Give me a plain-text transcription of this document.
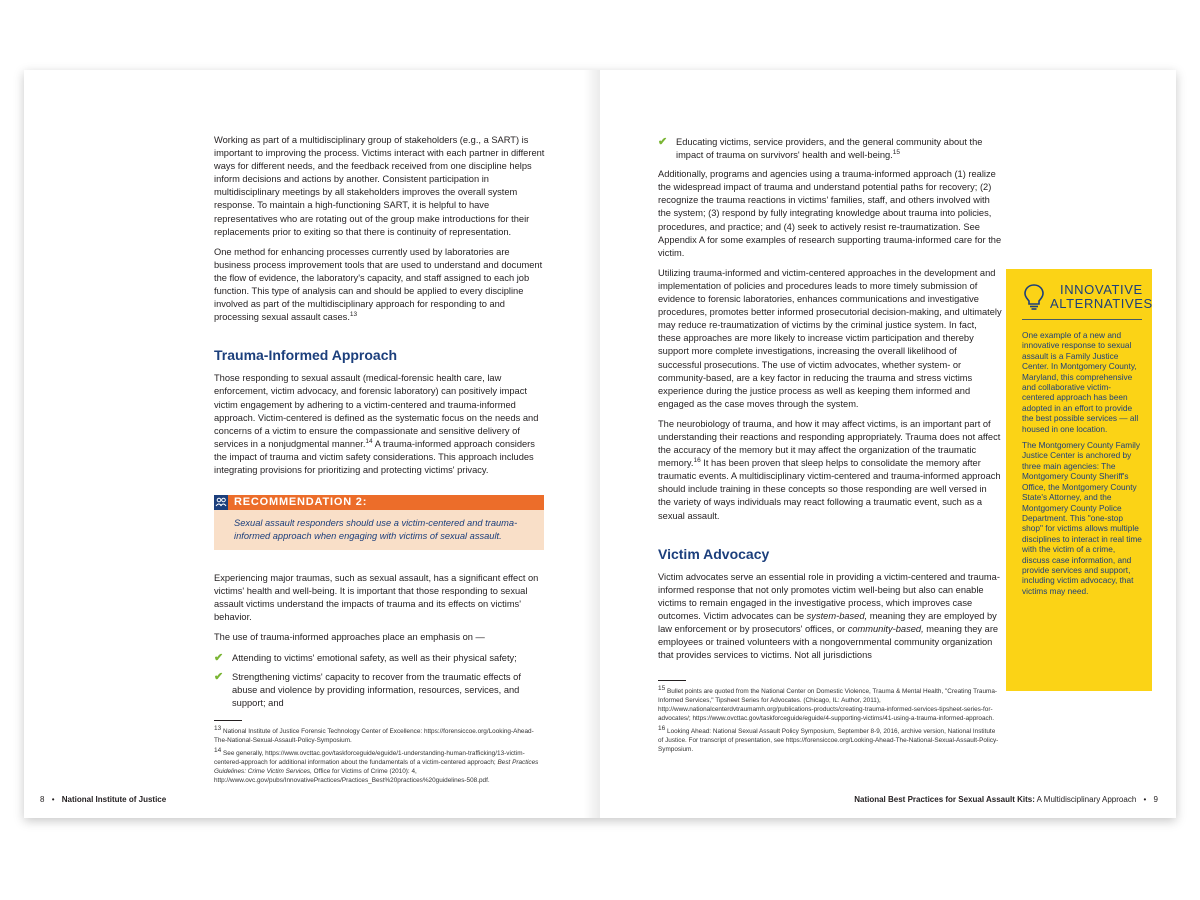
Working as part of a multidisciplinary group of stakeholders (e.g., a SART) is important to improving the process. Victims interact with each partner in different ways for different needs, and the feedback received from one discipline helps inform decisions and actions by another. Consistent participation in multidisciplinary meetings by all stakeholders improves the overall system response. To maintain a high-functioning SART, it is helpful to have representatives who are rotating out of the group make introductions for their replacements prior to exiting so that there is continuity of representation.

One method for enhancing processes currently used by laboratories are business process improvement tools that are used to understand and document the flow of evidence, the laboratory's capacity, and staff assigned to each job function. This type of analysis can and should be applied to every discipline involved as part of the multidisciplinary approach for responding to and processing sexual assault cases.$^{13}$

Trauma-Informed Approach

Those responding to sexual assault (medical-forensic health care, law enforcement, victim advocacy, and forensic laboratory) can positively impact victim engagement by adhering to a victim-centered and trauma-informed approach. Victim-centered is defined as the systematic focus on the needs and concerns of a victim to ensure the compassionate and sensitive delivery of services in a nonjudgmental manner.$^{14}$ A trauma-informed approach considers the impact of trauma and victim safety considerations. This approach includes integrating provisions for prioritizing and protecting victims' privacy.

RECOMMENDATION 2:

Sexual assault responders should use a victim-centered and trauma-informed approach when engaging with victims of sexual assault.

Experiencing major traumas, such as sexual assault, has a significant effect on victims' health and well-being. It is important that those responding to sexual assault victims understand the impacts of trauma and its effects on victims' behavior.

The use of trauma-informed approaches place an emphasis on —

✔ Attending to victims' emotional safety, as well as their physical safety;
✔ Strengthening victims' capacity to recover from the traumatic effects of abuse and violence by providing information, resources, services, and support; and

13 National Institute of Justice Forensic Technology Center of Excellence: https://forensiccoe.org/Looking-Ahead-The-National-Sexual-Assault-Policy-Symposium.

14 See generally, https://www.ovcttac.gov/taskforceguide/eguide/1-understanding-human-trafficking/13-victim-centered-approach for additional information about the fundamentals of a victim-centered approach; Best Practices Guidelines: Crime Victim Services, Office for Victims of Crime (2010): 4, http://www.ovc.gov/pubs/InnovativePractices/Practices_Best%20practices%20guidelines-508.pdf.

8 • National Institute of Justice
✔ Educating victims, service providers, and the general community about the impact of trauma on survivors' health and well-being.$^{15}$

Additionally, programs and agencies using a trauma-informed approach (1) realize the widespread impact of trauma and understand potential paths for recovery; (2) recognize the trauma reactions in victims' families, staff, and others involved with the system; (3) respond by fully integrating knowledge about trauma into policies, procedures, and practice; and (4) seek to actively resist re-traumatization. See Appendix A for some examples of research supporting trauma-informed care for the victim.

Utilizing trauma-informed and victim-centered approaches in the development and implementation of policies and procedures leads to more timely submission of evidence to forensic laboratories, enhances communications and investigative procedures, promotes better informed prosecutorial decision-making, and ultimately may reduce re-traumatization of victims by the criminal justice system. In fact, these approaches are more likely to increase victim participation and thereby support more complete investigations, increasing the overall likelihood of successful prosecutions. The use of victim advocates, whether system- or community-based, are a key factor in reducing the trauma and stress victims experience during the justice process as well as keeping them informed and engaged as the case moves through the system.

The neurobiology of trauma, and how it may affect victims, is an important part of understanding their reactions and responding appropriately. Trauma does not affect the accuracy of the memory but it may affect the organization of the traumatic memory.$^{16}$ It has been proven that sleep helps to consolidate the memory after traumatic events. A multidisciplinary victim-centered and trauma-informed approach should include training in these concepts so those responding are well versed in the variety of ways individuals may react following a traumatic event, such as a sexual assault.

Victim Advocacy

Victim advocates serve an essential role in providing a victim-centered and trauma-informed response that not only promotes victim well-being but also can enable victims to remain engaged in the investigative process, which improves case outcomes. Victim advocates can be system-based, meaning they are employed by law enforcement or by prosecutors' offices, or community-based, meaning they are employees or trained volunteers with a nongovernmental community organization that provides services to victims. Not all jurisdictions

15 Bullet points are quoted from the National Center on Domestic Violence, Trauma & Mental Health, "Creating Trauma-Informed Services," Tipsheet Series for Advocates. (Chicago, IL: Author, 2011), http://www.nationalcenterdvtraumamh.org/publications-products/creating-trauma-informed-services-tipsheet-series-for-advocates/; https://www.ovcttac.gov/taskforceguide/eguide/4-supporting-victims/41-using-a-trauma-informed-approach.

16 Looking Ahead: National Sexual Assault Policy Symposium, September 8-9, 2016, archive version, National Institute of Justice. For transcript of presentation, see https://forensiccoe.org/Looking-Ahead-The-National-Sexual-Assault-Policy-Symposium.

National Best Practices for Sexual Assault Kits: A Multidisciplinary Approach • 9
INNOVATIVE
ALTERNATIVES

One example of a new and innovative response to sexual assault is a Family Justice Center. In Montgomery County, Maryland, this comprehensive and collaborative victim-centered approach has been adopted in an effort to provide the best possible services — all housed in one location.

The Montgomery County Family Justice Center is anchored by three main agencies: The Montgomery County Sheriff's Office, the Montgomery County State's Attorney, and the Montgomery County Police Department. This "one-stop shop" for victims allows multiple disciplines to interact in real time with the victim of a crime, discuss case information, and provide services and support, including victim advocacy, that victims may need.
